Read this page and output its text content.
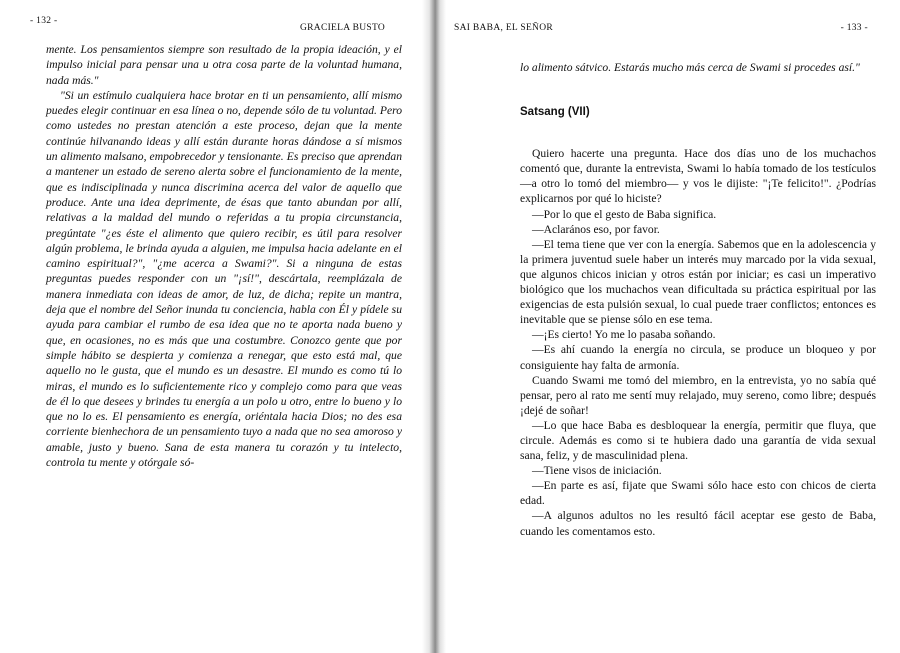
- 132 -
GRACIELA BUSTO

mente. Los pensamientos siempre son resultado de la propia ideación, y el impulso inicial para pensar una u otra cosa parte de la voluntad humana, nada más."

"Si un estímulo cualquiera hace brotar en ti un pensamiento, allí mismo puedes elegir continuar en esa línea o no, depende sólo de tu voluntad. Pero como ustedes no prestan atención a este proceso, dejan que la mente continúe hilvanando ideas y allí están durante horas dándose a sí mismos un alimento malsano, empobrecedor y tensionante. Es preciso que aprendan a mantener un estado de sereno alerta sobre el funcionamiento de la mente, que es indisciplinada y nunca discrimina acerca del valor de aquello que produce. Ante una idea deprimente, de ésas que tanto abundan por allí, relativas a la maldad del mundo o referidas a tu propia circunstancia, pregúntate "¿es éste el alimento que quiero recibir, es útil para resolver algún problema, le brinda ayuda a alguien, me impulsa hacia adelante en el camino espiritual?", "¿me acerca a Swami?". Si a ninguna de estas preguntas puedes responder con un "¡sí!", descártala, reemplázala de manera inmediata con ideas de amor, de luz, de dicha; repite un mantra, deja que el nombre del Señor inunda tu conciencia, habla con Él y pídele su ayuda para cambiar el rumbo de esa idea que no te aporta nada bueno y que, en ocasiones, no es más que una costumbre. Conozco gente que por simple hábito se despierta y comienza a renegar, que esto está mal, que aquello no le gusta, que el mundo es un desastre. El mundo es como tú lo miras, el mundo es lo suficientemente rico y complejo como para que veas de él lo que desees y brindes tu energía a un polo u otro, entre lo bueno y lo que no lo es. El pensamiento es energía, oriéntala hacia Dios; no des esa corriente bienhechora de un pensamiento tuyo a nada que no sea amoroso y amable, justo y bueno. Sana de esta manera tu corazón y tu intelecto, controla tu mente y otórgale só-

SAI BABA, EL SEÑOR	- 133 -

lo alimento sátvico. Estarás mucho más cerca de Swami si procedes así."

Satsang (VII)

Quiero hacerte una pregunta. Hace dos días uno de los muchachos comentó que, durante la entrevista, Swami lo había tomado de los testículos —a otro lo tomó del miembro— y vos le dijiste: "¡Te felicito!". ¿Podrías explicarnos por qué lo hiciste?

—Por lo que el gesto de Baba significa.

—Aclarános eso, por favor.

—El tema tiene que ver con la energía. Sabemos que en la adolescencia y la primera juventud suele haber un interés muy marcado por la vida sexual, que algunos chicos inician y otros están por iniciar; es casi un imperativo biológico que los muchachos vean dificultada su práctica espiritual por las exigencias de esta pulsión sexual, lo cual puede traer conflictos; entonces es inevitable que se piense sólo en ese tema.

—¡Es cierto! Yo me lo pasaba soñando.

—Es ahí cuando la energía no circula, se produce un bloqueo y por consiguiente hay falta de armonía.

Cuando Swami me tomó del miembro, en la entrevista, yo no sabía qué pensar, pero al rato me sentí muy relajado, muy sereno, como libre; después ¡dejé de soñar!

—Lo que hace Baba es desbloquear la energía, permitir que fluya, que circule. Además es como si te hubiera dado una garantía de vida sexual sana, feliz, y de masculinidad plena.

—Tiene visos de iniciación.

—En parte es así, fijate que Swami sólo hace esto con chicos de cierta edad.

—A algunos adultos no les resultó fácil aceptar ese gesto de Baba, cuando les comentamos esto.
